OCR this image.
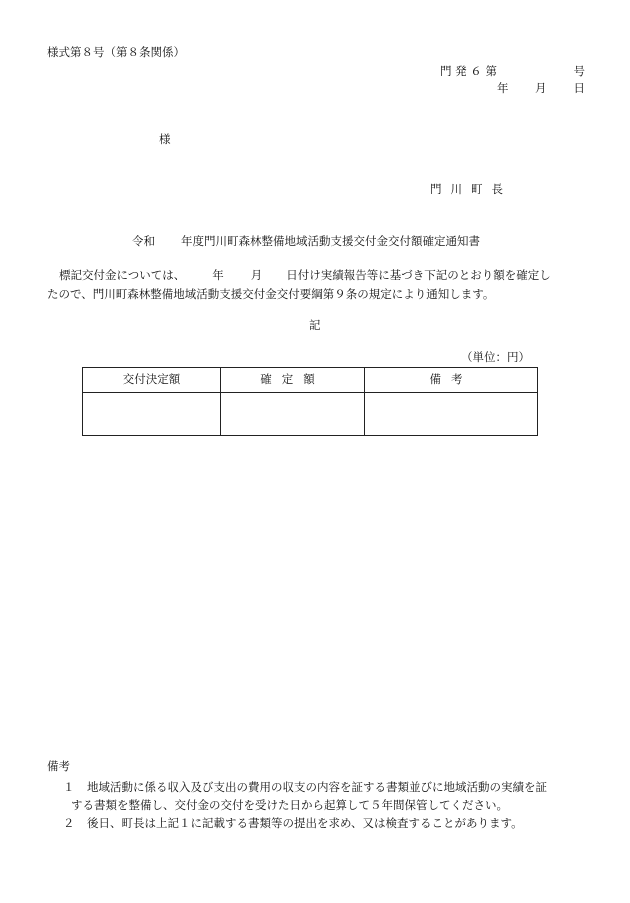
様式第８号（第８条関係）
門 発 ６ 第	号
年 月 日
様
門川町長
令和 年度門川町森林整備地域活動支援交付金交付額確定通知書
標記交付金については、 年 月 日付け実績報告等に基づき下記のとおり額を確定し
たので、門川町森林整備地域活動支援交付金交付要綱第９条の規定により通知します。
記
（単位：円）
交付決定額	確定額	備考

備考
１	地域活動に係る収入及び支出の費用の収支の内容を証する書類並びに地域活動の実績を証
する書類を整備し、交付金の交付を受けた日から起算して５年間保管してください。
２	後日、町長は上記１に記載する書類等の提出を求め、又は検査することがあります。
